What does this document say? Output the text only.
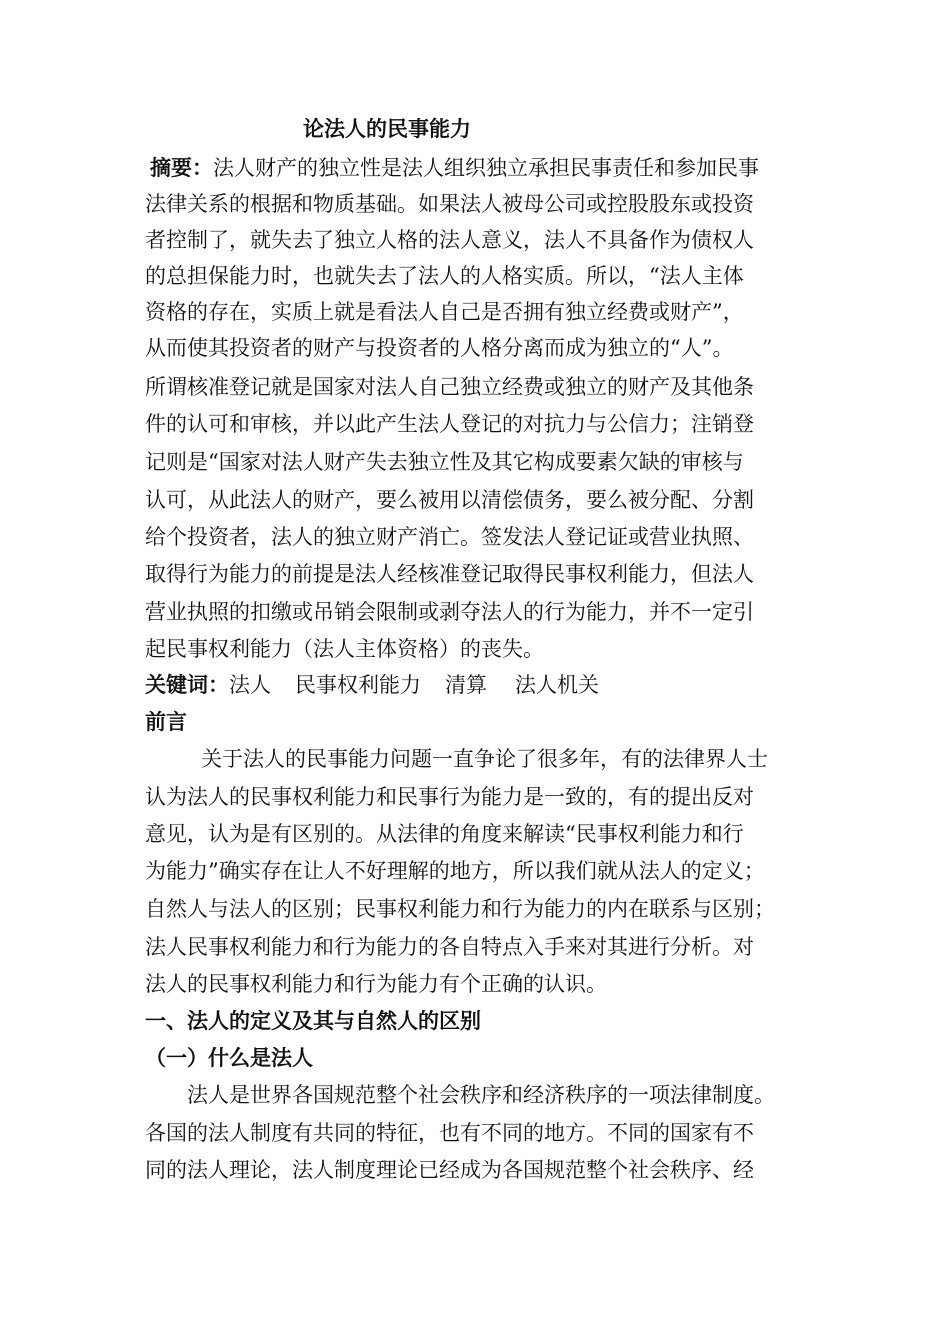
论法人的民事能力
摘要：法人财产的独立性是法人组织独立承担民事责任和参加民事
法律关系的根据和物质基础。如果法人被母公司或控股股东或投资
者控制了，就失去了独立人格的法人意义，法人不具备作为债权人
的总担保能力时，也就失去了法人的人格实质。所以，“法人主体
资格的存在，实质上就是看法人自己是否拥有独立经费或财产”，
从而使其投资者的财产与投资者的人格分离而成为独立的“人”。
所谓核准登记就是国家对法人自己独立经费或独立的财产及其他条
件的认可和审核，并以此产生法人登记的对抗力与公信力；注销登
记则是“国家对法人财产失去独立性及其它构成要素欠缺的审核与
认可，从此法人的财产，要么被用以清偿债务，要么被分配、分割
给个投资者，法人的独立财产消亡。签发法人登记证或营业执照、
取得行为能力的前提是法人经核准登记取得民事权利能力，但法人
营业执照的扣缴或吊销会限制或剥夺法人的行为能力，并不一定引
起民事权利能力（法人主体资格）的丧失。
关键词：法人 民事权利能力 清算 法人机关
前言
关于法人的民事能力问题一直争论了很多年，有的法律界人士
认为法人的民事权利能力和民事行为能力是一致的，有的提出反对
意见，认为是有区别的。从法律的角度来解读“民事权利能力和行
为能力”确实存在让人不好理解的地方，所以我们就从法人的定义；
自然人与法人的区别；民事权利能力和行为能力的内在联系与区别；
法人民事权利能力和行为能力的各自特点入手来对其进行分析。对
法人的民事权利能力和行为能力有个正确的认识。
一、法人的定义及其与自然人的区别
（一）什么是法人
法人是世界各国规范整个社会秩序和经济秩序的一项法律制度。
各国的法人制度有共同的特征，也有不同的地方。不同的国家有不
同的法人理论，法人制度理论已经成为各国规范整个社会秩序、经
